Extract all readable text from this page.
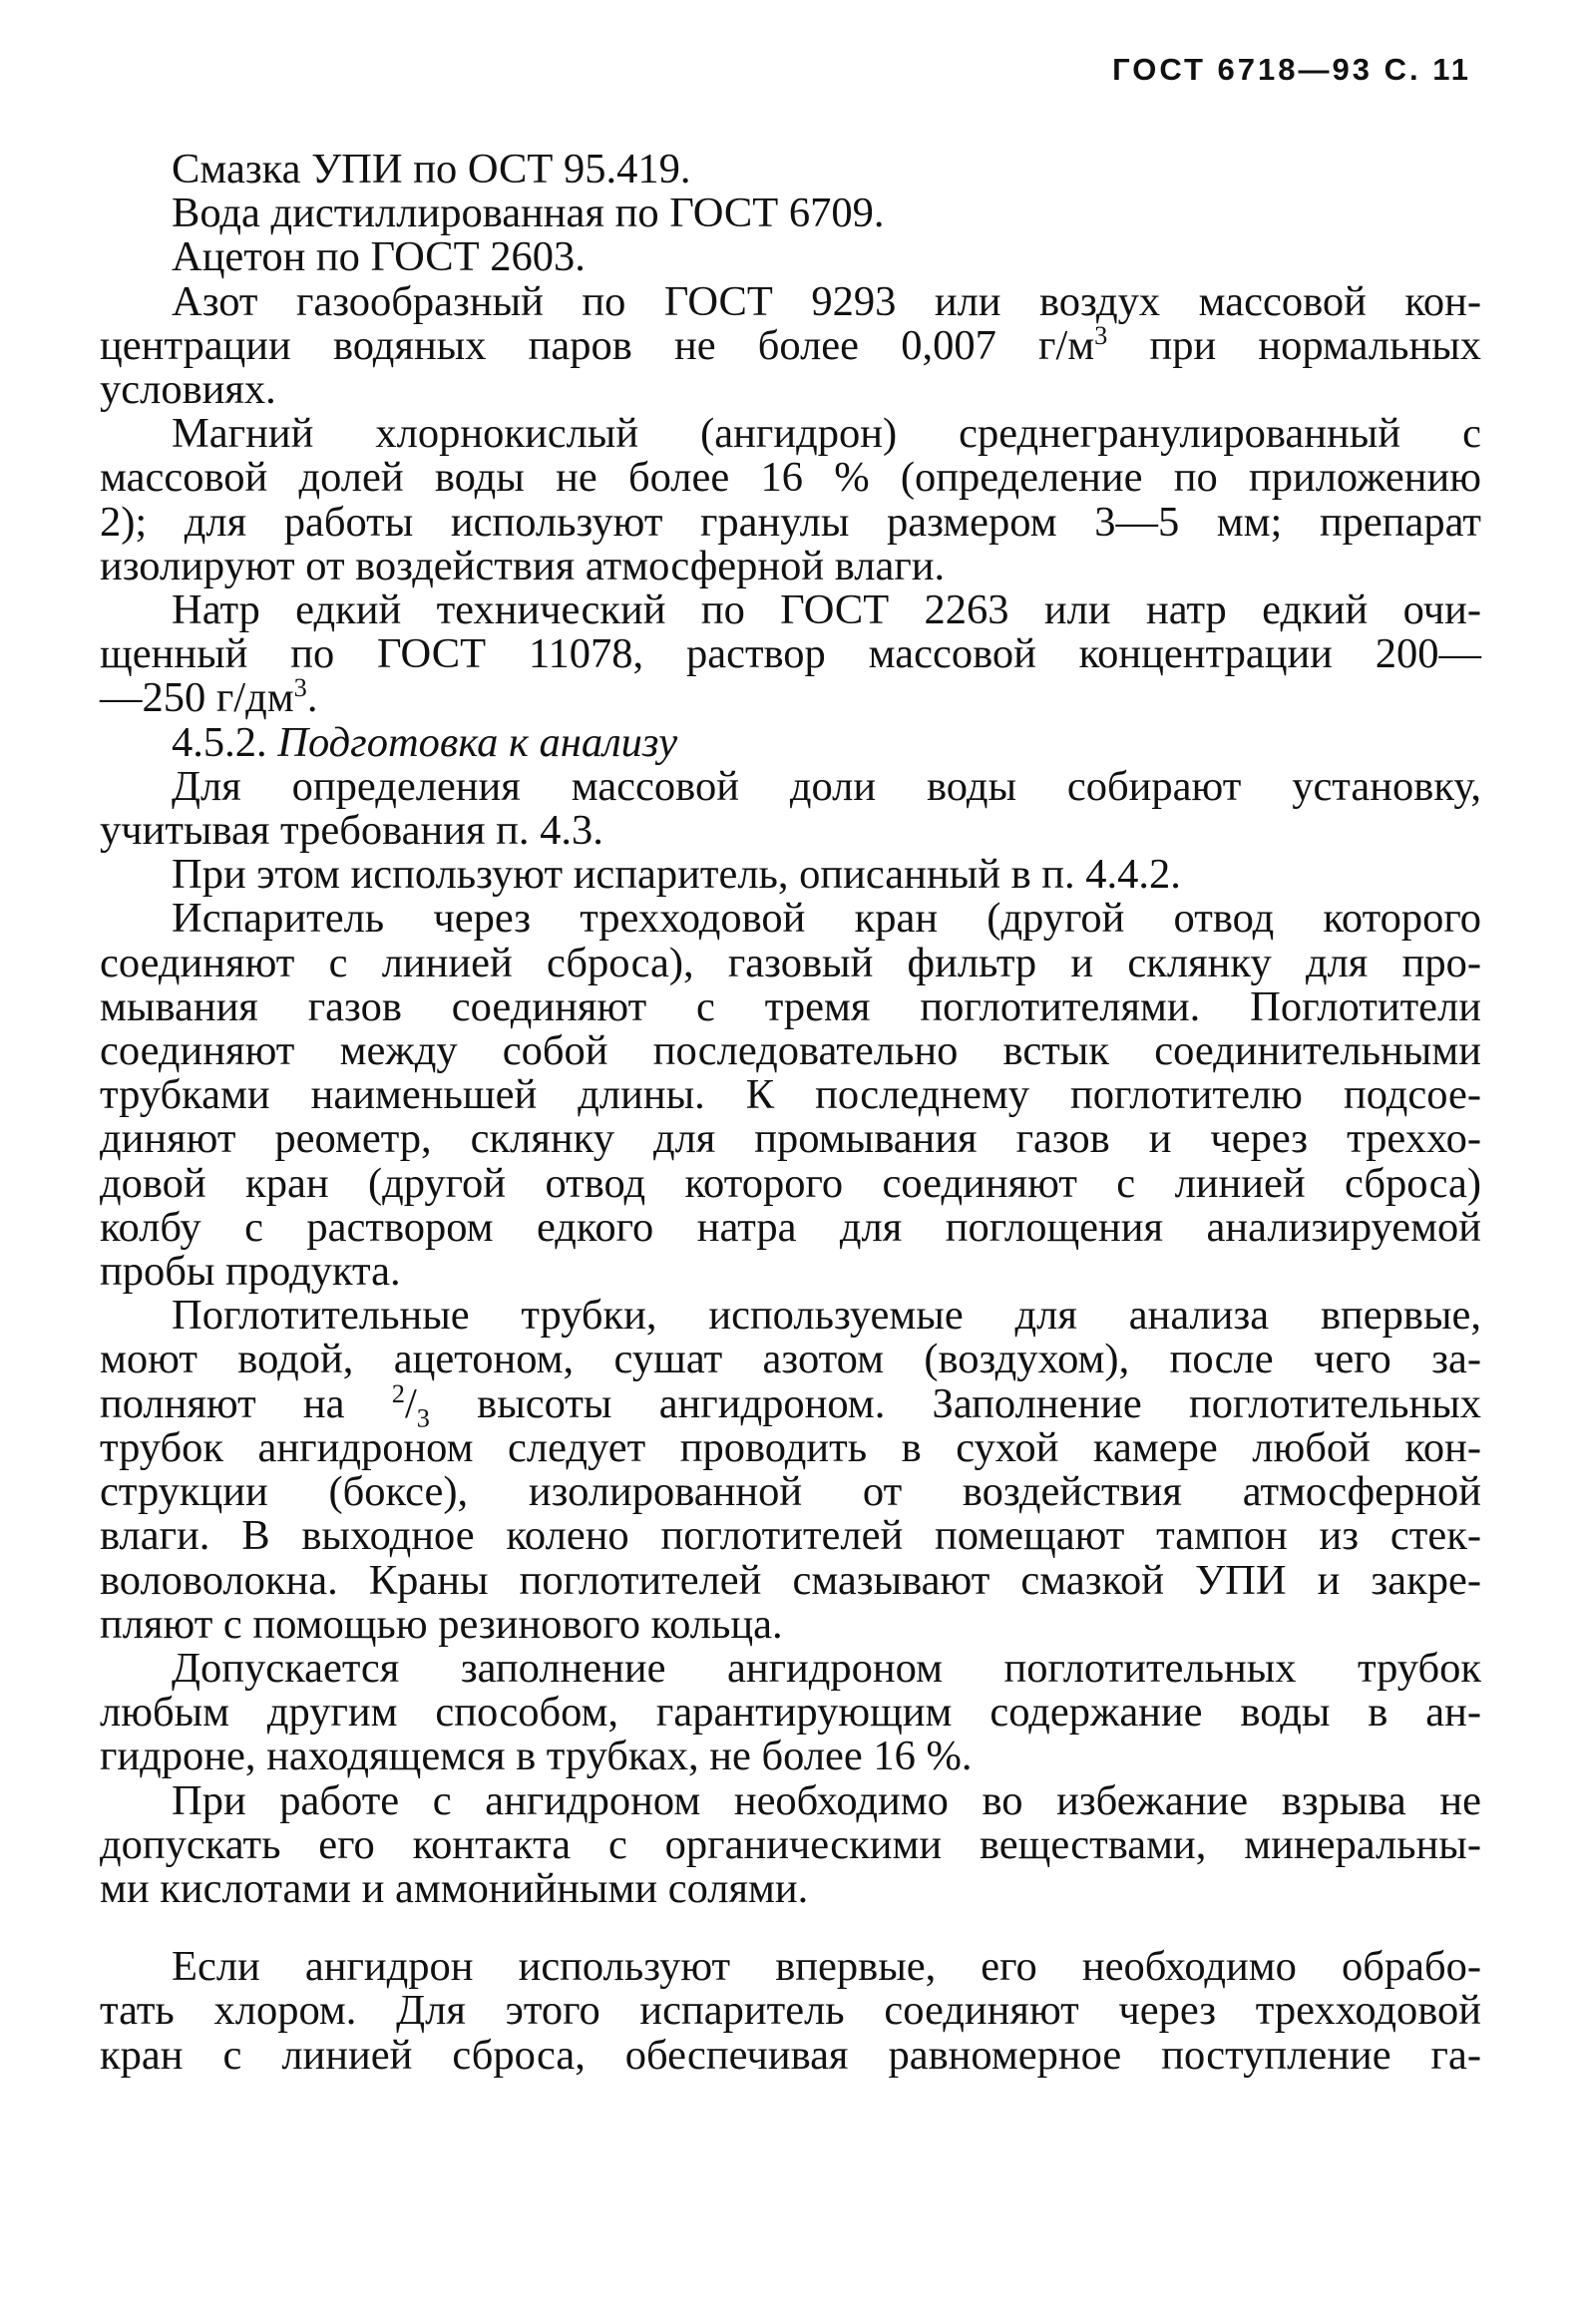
ГОСТ 6718—93 С. 11
Смазка УПИ по ОСТ 95.419.
Вода дистиллированная по ГОСТ 6709.
Ацетон по ГОСТ 2603.
Азот газообразный по ГОСТ 9293 или воздух массовой кон-
центрации водяных паров не более 0,007 $г/м^3$ при нормальных
условиях.
Магний хлорнокислый (ангидрон) среднегранулированный с
массовой долей воды не более 16 % (определение по приложению
2); для работы используют гранулы размером 3—5 мм; препарат
изолируют от воздействия атмосферной влаги.
Натр едкий технический по ГОСТ 2263 или натр едкий очи-
щенный по ГОСТ 11078, раствор массовой концентрации 200—
—250 $г/дм^3$.
4.5.2. Подготовка к анализу
Для определения массовой доли воды собирают установку,
учитывая требования п. 4.3.
При этом используют испаритель, описанный в п. 4.4.2.
Испаритель через трехходовой кран (другой отвод которого
соединяют с линией сброса), газовый фильтр и склянку для про-
мывания газов соединяют с тремя поглотителями. Поглотители
соединяют между собой последовательно встык соединительными
трубками наименьшей длины. К последнему поглотителю подсое-
диняют реометр, склянку для промывания газов и через треххо-
довой кран (другой отвод которого соединяют с линией сброса)
колбу с раствором едкого натра для поглощения анализируемой
пробы продукта.
Поглотительные трубки, используемые для анализа впервые,
моют водой, ацетоном, сушат азотом (воздухом), после чего за-
полняют на $^2/_3$ высоты ангидроном. Заполнение поглотительных
трубок ангидроном следует проводить в сухой камере любой кон-
струкции (боксе), изолированной от воздействия атмосферной
влаги. В выходное колено поглотителей помещают тампон из стек-
воловолокна. Краны поглотителей смазывают смазкой УПИ и закре-
пляют с помощью резинового кольца.
Допускается заполнение ангидроном поглотительных трубок
любым другим способом, гарантирующим содержание воды в ан-
гидроне, находящемся в трубках, не более 16 %.
При работе с ангидроном необходимо во избежание взрыва не
допускать его контакта с органическими веществами, минеральны-
ми кислотами и аммонийными солями.
Если ангидрон используют впервые, его необходимо обрабо-
тать хлором. Для этого испаритель соединяют через трехходовой
кран с линией сброса, обеспечивая равномерное поступление га-
